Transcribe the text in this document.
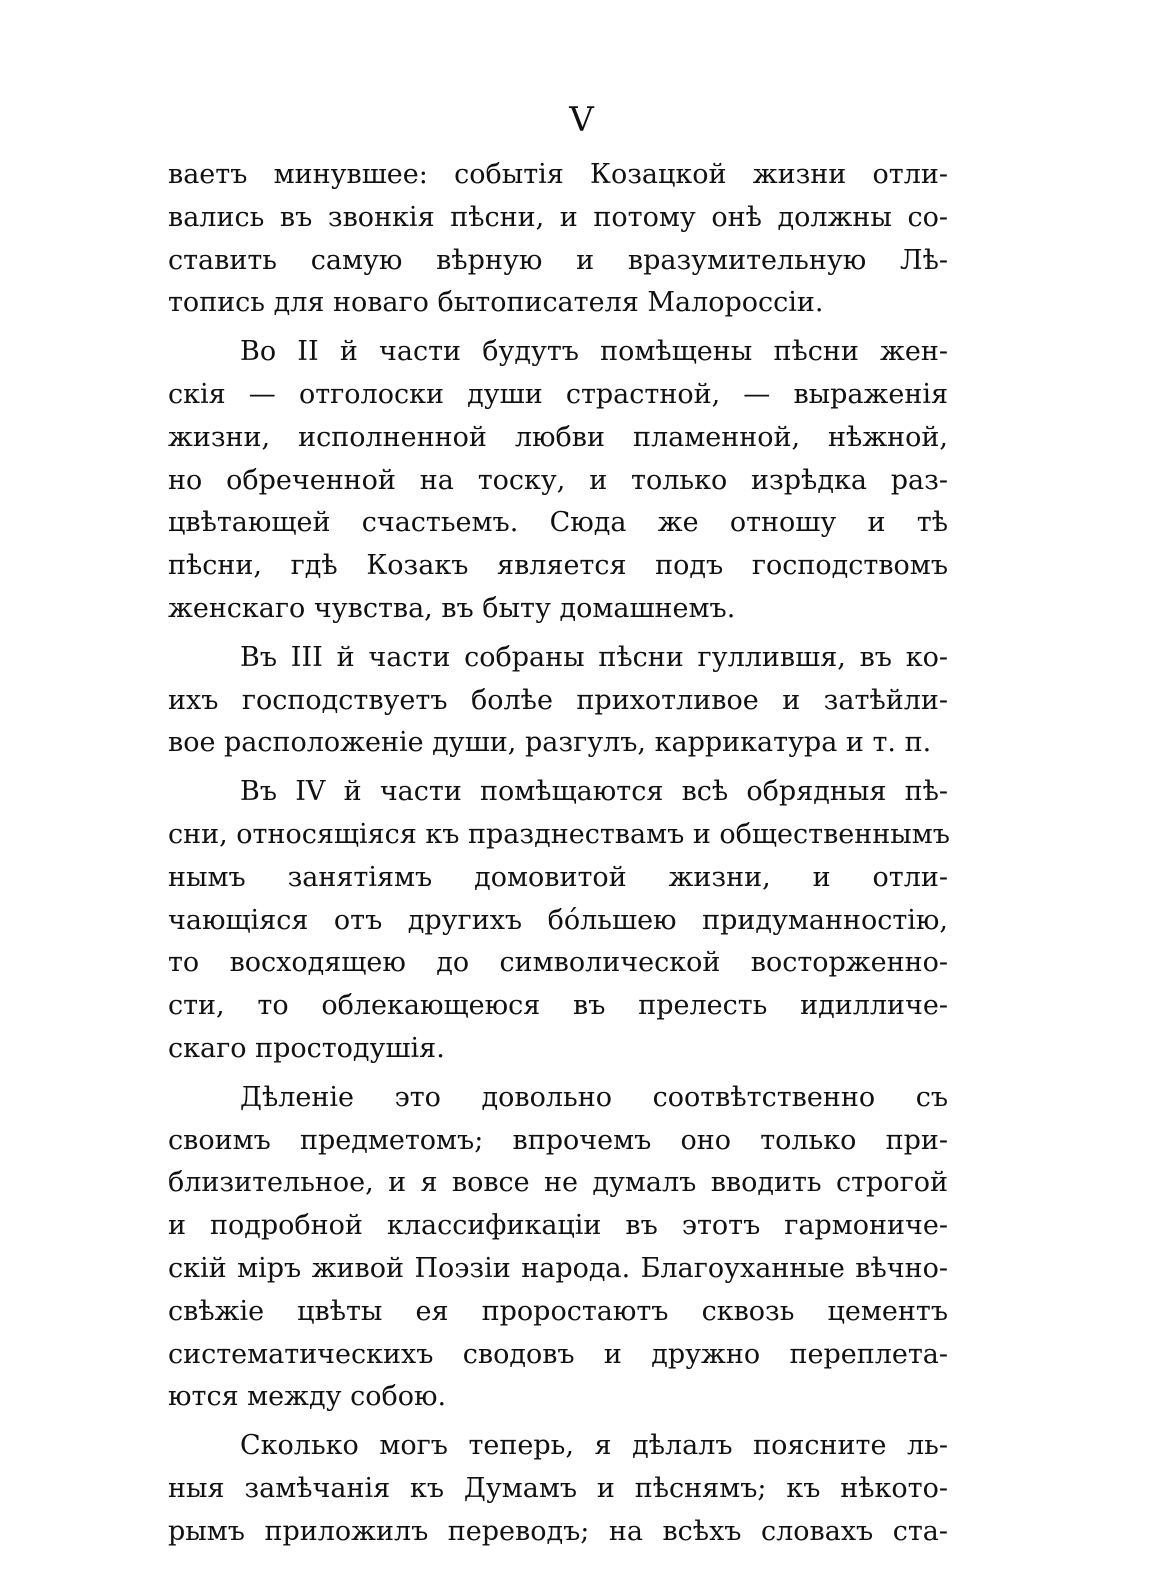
V
ваетъ минувшее: событія Козацкой жизни отли-
вались въ звонкія пѣсни, и потому онѣ должны со-
ставить самую вѣрную и вразумительную Лѣ-
топись для новаго бытописателя Малороссіи.
Во II й части будутъ помѣщены пѣсни жен-
скія — отголоски души страстной, — выраженія
жизни, исполненной любви пламенной, нѣжной,
но обреченной на тоску, и только изрѣдка раз-
цвѣтающей счастьемъ. Сюда же отношу и тѣ
пѣсни, гдѣ Козакъ является подъ господствомъ
женскаго чувства, въ быту домашнемъ.
Въ III й части собраны пѣсни гуллившя, въ ко-
ихъ господствуетъ болѣе прихотливое и затѣйли-
вое расположеніе души, разгулъ, каррикатура и т. п.
Въ IV й части помѣщаются всѣ обрядныя пѣ-
сни, относящіяся къ празднествамъ и общественнымъ
нымъ занятіямъ домовитой жизни, и отли-
чающіяся отъ другихъ бо́льшею придуманностію,
то восходящею до символической восторженно-
сти, то облекающеюся въ прелесть идилличе-
скаго простодушія.
Дѣленіе это довольно соотвѣтственно съ
своимъ предметомъ; впрочемъ оно только при-
близительное, и я вовсе не думалъ вводить строгой
и подробной классификаціи въ этотъ гармониче-
скій міръ живой Поэзіи народа. Благоуханные вѣчно-
свѣжіе цвѣты ея проростаютъ сквозь цементъ
систематическихъ сводовъ и дружно переплета-
ются между собою.
Сколько могъ теперь, я дѣлалъ поясните ль-
ныя замѣчанія къ Думамъ и пѣснямъ; къ нѣкото-
рымъ приложилъ переводъ; на всѣхъ словахъ ста-
